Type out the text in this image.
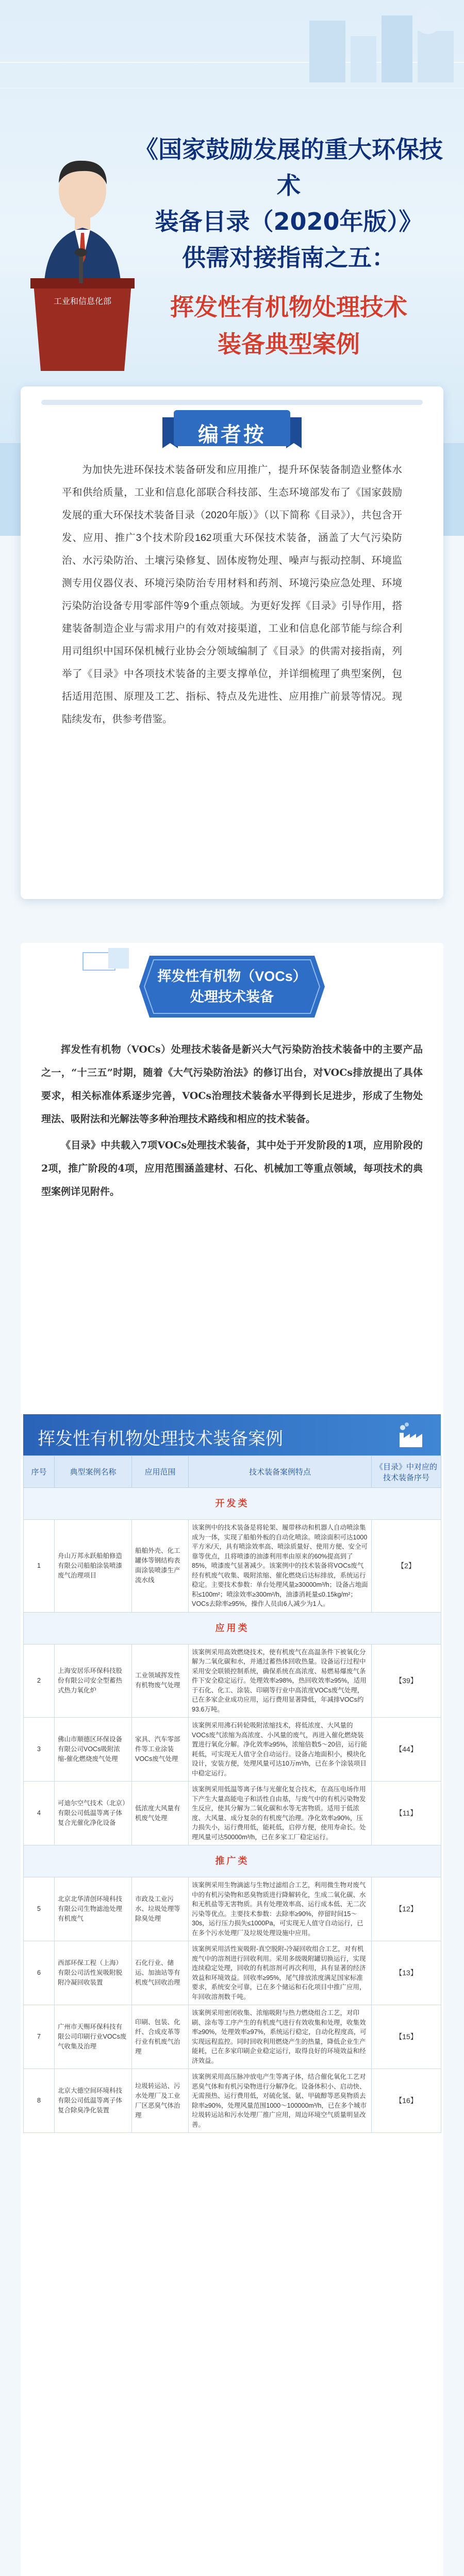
《国家鼓励发展的重大环保技术
装备目录（2020年版）》
供需对接指南之五：
挥发性有机物处理技术
装备典型案例
工业和信息化部
编者按
为加快先进环保技术装备研发和应用推广，提升环保装备制造业整体水平和供给质量，工业和信息化部联合科技部、生态环境部发布了《国家鼓励发展的重大环保技术装备目录（2020年版）》（以下简称《目录》），共包含开发、应用、推广3个技术阶段162项重大环保技术装备，涵盖了大气污染防治、水污染防治、土壤污染修复、固体废物处理、噪声与振动控制、环境监测专用仪器仪表、环境污染防治专用材料和药剂、环境污染应急处理、环境污染防治设备专用零部件等9个重点领域。为更好发挥《目录》引导作用，搭建装备制造企业与需求用户的有效对接渠道，工业和信息化部节能与综合利用司组织中国环保机械行业协会分领域编制了《目录》的供需对接指南，列举了《目录》中各项技术装备的主要支撑单位，并详细梳理了典型案例，包括适用范围、原理及工艺、指标、特点及先进性、应用推广前景等情况。现陆续发布，供参考借鉴。
挥发性有机物（VOCs）
处理技术装备

挥发性有机物（VOCs）处理技术装备是新兴大气污染防治技术装备中的主要产品之一，“十三五”时期，随着《大气污染防治法》的修订出台，对VOCs排放提出了具体要求，相关标准体系逐步完善，VOCs治理技术装备水平得到长足进步，形成了生物处理法、吸附法和光解法等多种治理技术路线和相应的技术装备。

《目录》中共载入7项VOCs处理技术装备，其中处于开发阶段的1项，应用阶段的2项，推广阶段的4项，应用范围涵盖建材、石化、机械加工等重点领域，每项技术的典型案例详见附件。

挥发性有机物处理技术装备案例
序号	典型案例名称	应用范围	技术装备案例特点	《目录》中对应的技术装备序号
开发类				
1	舟山万邦永跃船舶修造有限公司船舶涂装喷漆废气治理项目	船舶外壳、化工罐体等钢结构表面涂装喷漆生产流水线	该案例中的技术装备是将轮架、履带移动和机器人自动喷涂集成为一体，实现了船舶外板的自动化喷涂。喷涂面积可达1000平方米/天，具有喷涂效率高、喷涂质量好、使用方便、安全可靠等优点，且将喷漆的油漆利用率由原来的60%提高到了85%，喷漆废气显著减少。该案例中的技术装备将VOCs废气经有机废气收集、吸附浓缩、催化燃烧后达标排放，系统运行稳定。主要技术参数：单台处理风量≥30000m³/h；设备占地面积≤100m²；喷涂效率≥300m²/h，油漆消耗量≤0.15kg/m²；VOCs去除率≥95%，操作人员由6人减少为1人。	【2】
应用类				
2	上海安居乐环保科技股份有限公司安全型蓄热式热力氧化炉	工业领域挥发性有机物废气处理	该案例采用高效燃烧技术，使有机废气在高温条件下被氧化分解为二氧化碳和水，并通过蓄热体回收热量。设备运行过程中采用安全联锁控制系统，确保系统在高浓度、易燃易爆废气条件下安全稳定运行。处理效率≥98%，热回收效率≥95%，适用于石化、化工、涂装、印刷等行业中高浓度VOCs废气处理，已在多家企业成功应用，运行费用显著降低，年减排VOCs约93.6万吨。	【39】
3	佛山市顺德区环保设备有限公司VOCs吸附浓缩-催化燃烧废气处理	家具、汽车零部件等工业涂装VOCs废气处理	该案例采用沸石转轮吸附浓缩技术，将低浓度、大风量的VOCs废气浓缩为高浓度、小风量的废气，再进入催化燃烧装置进行氧化分解。净化效率≥95%，浓缩倍数5～20倍，运行能耗低，可实现无人值守全自动运行。设备占地面积小，模块化设计，安装方便，处理风量可达10万m³/h，已在多个涂装项目中稳定运行。	【44】
4	可迪尔空气技术（北京）有限公司低温等离子体复合光催化净化设备	低浓度大风量有机废气处理	该案例采用低温等离子体与光催化复合技术，在高压电场作用下产生大量高能电子和活性自由基，与废气中的有机污染物发生反应，使其分解为二氧化碳和水等无害物质。适用于低浓度、大风量、成分复杂的有机废气治理。净化效率≥90%，压力损失小，运行费用低，能耗低，启停方便，使用寿命长。处理风量可达50000m³/h，已在多家工厂稳定运行。	【11】
推广类				
5	北京北华清创环境科技有限公司生物滤池处理有机废气	市政及工业污水、垃圾处理等除臭处理	该案例采用生物滴滤与生物过滤组合工艺，利用微生物对废气中的有机污染物和恶臭物质进行降解转化，生成二氧化碳、水和无机盐等无害物质。具有处理效率高、运行成本低、无二次污染等优点。主要技术参数：去除率≥90%，停留时间15～30s，运行压力损失≤1000Pa，可实现无人值守自动运行，已在多个污水处理厂及垃圾处理设施中应用。	【12】
6	西部环保工程（上海）有限公司活性炭吸附脱附冷凝回收装置	石化行业、储运、加油站等有机废气回收治理	该案例采用活性炭吸附-真空脱附-冷凝回收组合工艺，对有机废气中的溶剂进行回收利用。采用多级吸附罐切换运行，实现连续稳定处理，回收的有机溶剂可再次利用，具有显著的经济效益和环境效益。回收率≥95%，尾气排放浓度满足国家标准要求，系统安全可靠，已在多个储运和石化项目中推广应用，年回收溶剂数千吨。	【13】
7	广州市天赐环保科技有限公司印刷行业VOCs废气收集及治理	印刷、包装、化纤、合成皮革等行业有机废气治理	该案例采用密闭收集、浓缩吸附与热力燃烧组合工艺，对印刷、涂布等工序产生的有机废气进行有效收集和处理，收集效率≥90%，处理效率≥97%，系统运行稳定，自动化程度高，可实现远程监控。同时回收利用燃烧产生的热量，降低企业生产能耗，已在多家印刷企业稳定运行，取得良好的环境效益和经济效益。	【15】
8	北京大德空间环境科技有限公司低温等离子体复合除臭净化装置	垃圾转运站、污水处理厂及工业厂区恶臭气体治理	该案例采用高压脉冲放电产生等离子体，结合催化氧化工艺对恶臭气体和有机污染物进行分解净化。设备体积小、启动快、无需预热、运行费用低，对硫化氢、氨、甲硫醇等恶臭物质去除率≥90%，处理风量范围1000～100000m³/h，已在多个城市垃圾转运站和污水处理厂推广应用，周边环境空气质量明显改善。	【16】
